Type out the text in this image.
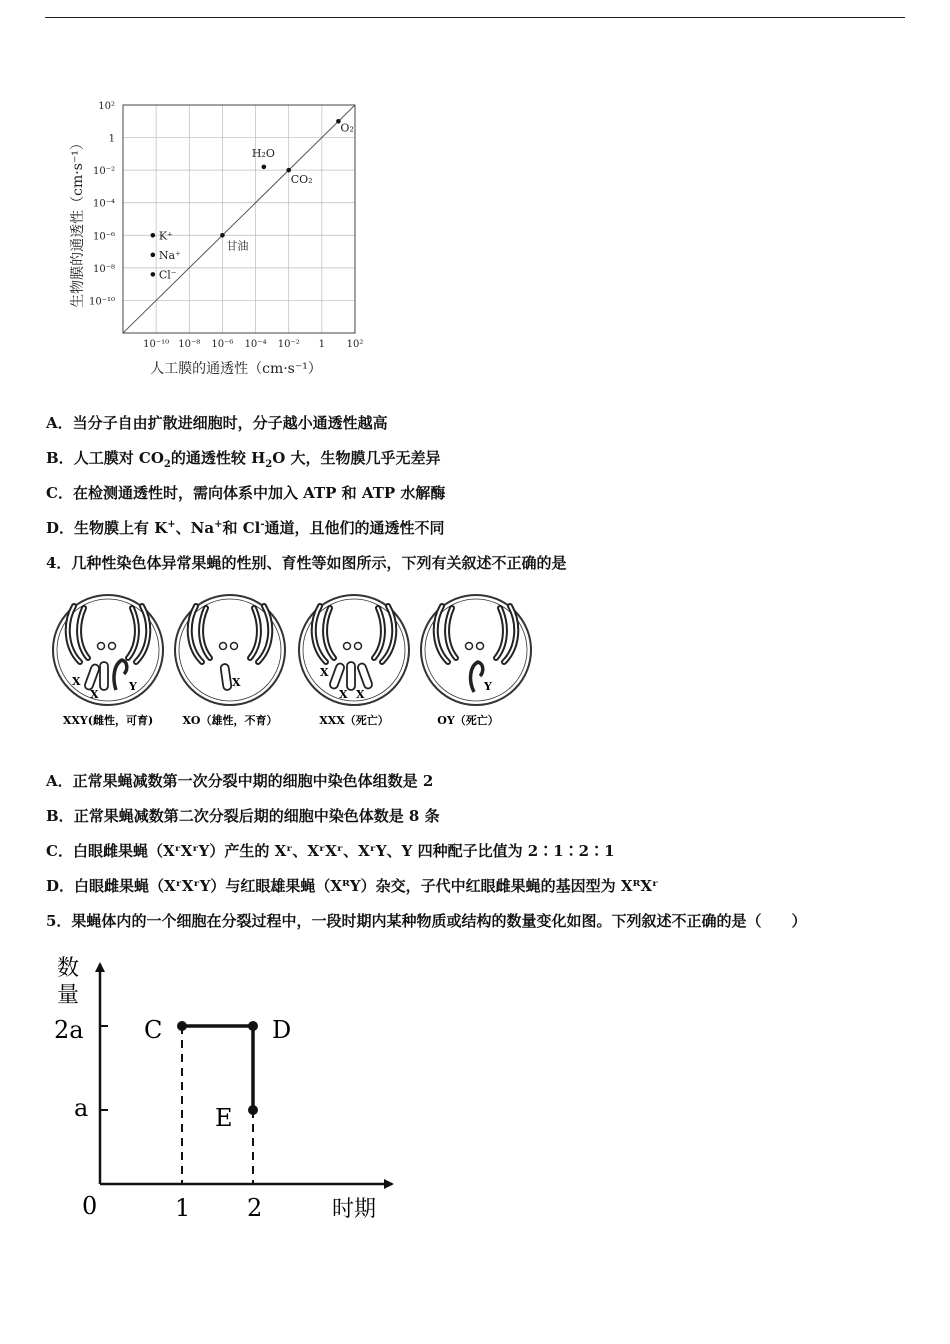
10²
1
10⁻²
10⁻⁴
10⁻⁶
10⁻⁸
10⁻¹⁰
10⁻¹⁰ 10⁻⁸ 10⁻⁶ 10⁻⁴ 10⁻² 1 10²
O₂
H₂O
CO₂
甘油
K⁺
Na⁺
Cl⁻
生物膜的通透性（cm·s⁻¹）
人工膜的通透性（cm·s⁻¹）
A．当分子自由扩散进细胞时，分子越小通透性越高
B．人工膜对 $CO_2$的通透性较 $H_2O$ 大，生物膜几乎无差异
C．在检测通透性时，需向体系中加入 ATP 和 ATP 水解酶
D．生物膜上有 K+、Na+和 Cl-通道，且他们的通透性不同
4．几种性染色体异常果蝇的性别、育性等如图所示，下列有关叙述不正确的是
X
X
Y
XXY(雌性，可育)
X
XO（雄性，不育）
X
X X
XXX（死亡）
Y
OY（死亡）
A．正常果蝇减数第一次分裂中期的细胞中染色体组数是 2
B．正常果蝇减数第二次分裂后期的细胞中染色体数是 8 条
C．白眼雌果蝇（XʳXʳY）产生的 Xʳ、XʳXʳ、XʳY、Y 四种配子比值为 2∶1∶2∶1
D．白眼雌果蝇（XʳXʳY）与红眼雄果蝇（XᴿY）杂交，子代中红眼雌果蝇的基因型为 XᴿXʳ
5．果蝇体内的一个细胞在分裂过程中，一段时期内某种物质或结构的数量变化如图。下列叙述不正确的是（　　）
数
量
2a
a
0	1 2	时期
C	D
E
